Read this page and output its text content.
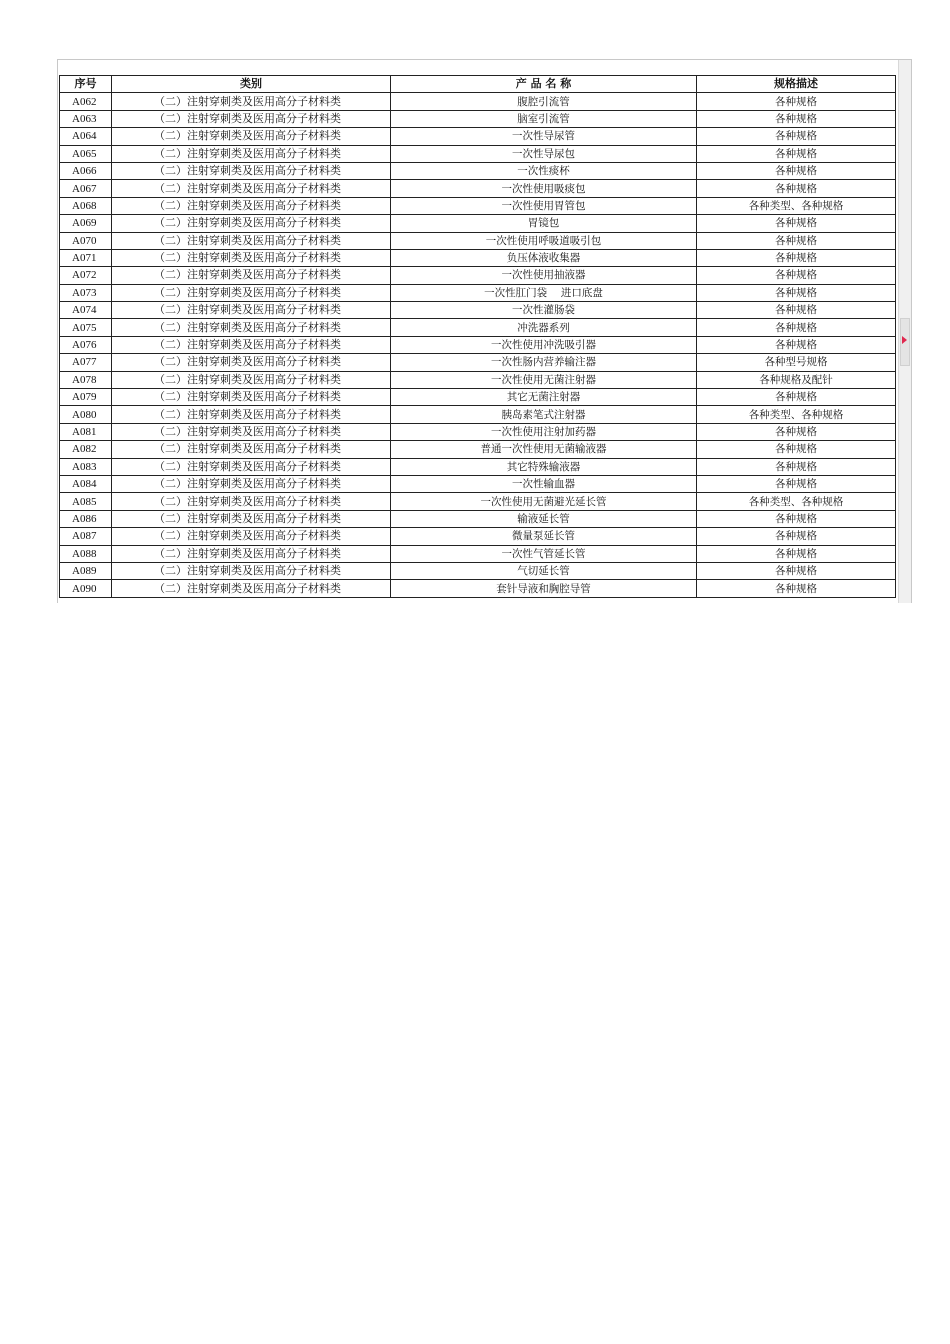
序号	类别	产 品 名 称	规格描述
A062	（二）注射穿刺类及医用高分子材料类	腹腔引流管	各种规格
A063	（二）注射穿刺类及医用高分子材料类	脑室引流管	各种规格
A064	（二）注射穿刺类及医用高分子材料类	一次性导尿管	各种规格
A065	（二）注射穿刺类及医用高分子材料类	一次性导尿包	各种规格
A066	（二）注射穿刺类及医用高分子材料类	一次性痰杯	各种规格
A067	（二）注射穿刺类及医用高分子材料类	一次性使用吸痰包	各种规格
A068	（二）注射穿刺类及医用高分子材料类	一次性使用胃管包	各种类型、各种规格
A069	（二）注射穿刺类及医用高分子材料类	胃镜包	各种规格
A070	（二）注射穿刺类及医用高分子材料类	一次性使用呼吸道吸引包	各种规格
A071	（二）注射穿刺类及医用高分子材料类	负压体液收集器	各种规格
A072	（二）注射穿刺类及医用高分子材料类	一次性使用抽液器	各种规格
A073	（二）注射穿刺类及医用高分子材料类	一次性肛门袋　 进口底盘	各种规格
A074	（二）注射穿刺类及医用高分子材料类	一次性灌肠袋	各种规格
A075	（二）注射穿刺类及医用高分子材料类	冲洗器系列	各种规格
A076	（二）注射穿刺类及医用高分子材料类	一次性使用冲洗吸引器	各种规格
A077	（二）注射穿刺类及医用高分子材料类	一次性肠内营养输注器	各种型号规格
A078	（二）注射穿刺类及医用高分子材料类	一次性使用无菌注射器	各种规格及配针
A079	（二）注射穿刺类及医用高分子材料类	其它无菌注射器	各种规格
A080	（二）注射穿刺类及医用高分子材料类	胰岛素笔式注射器	各种类型、各种规格
A081	（二）注射穿刺类及医用高分子材料类	一次性使用注射加药器	各种规格
A082	（二）注射穿刺类及医用高分子材料类	普通一次性使用无菌输液器	各种规格
A083	（二）注射穿刺类及医用高分子材料类	其它特殊输液器	各种规格
A084	（二）注射穿刺类及医用高分子材料类	一次性输血器	各种规格
A085	（二）注射穿刺类及医用高分子材料类	一次性使用无菌避光延长管	各种类型、各种规格
A086	（二）注射穿刺类及医用高分子材料类	输液延长管	各种规格
A087	（二）注射穿刺类及医用高分子材料类	微量泵延长管	各种规格
A088	（二）注射穿刺类及医用高分子材料类	一次性气管延长管	各种规格
A089	（二）注射穿刺类及医用高分子材料类	气切延长管	各种规格
A090	（二）注射穿刺类及医用高分子材料类	套针导液和胸腔导管	各种规格
